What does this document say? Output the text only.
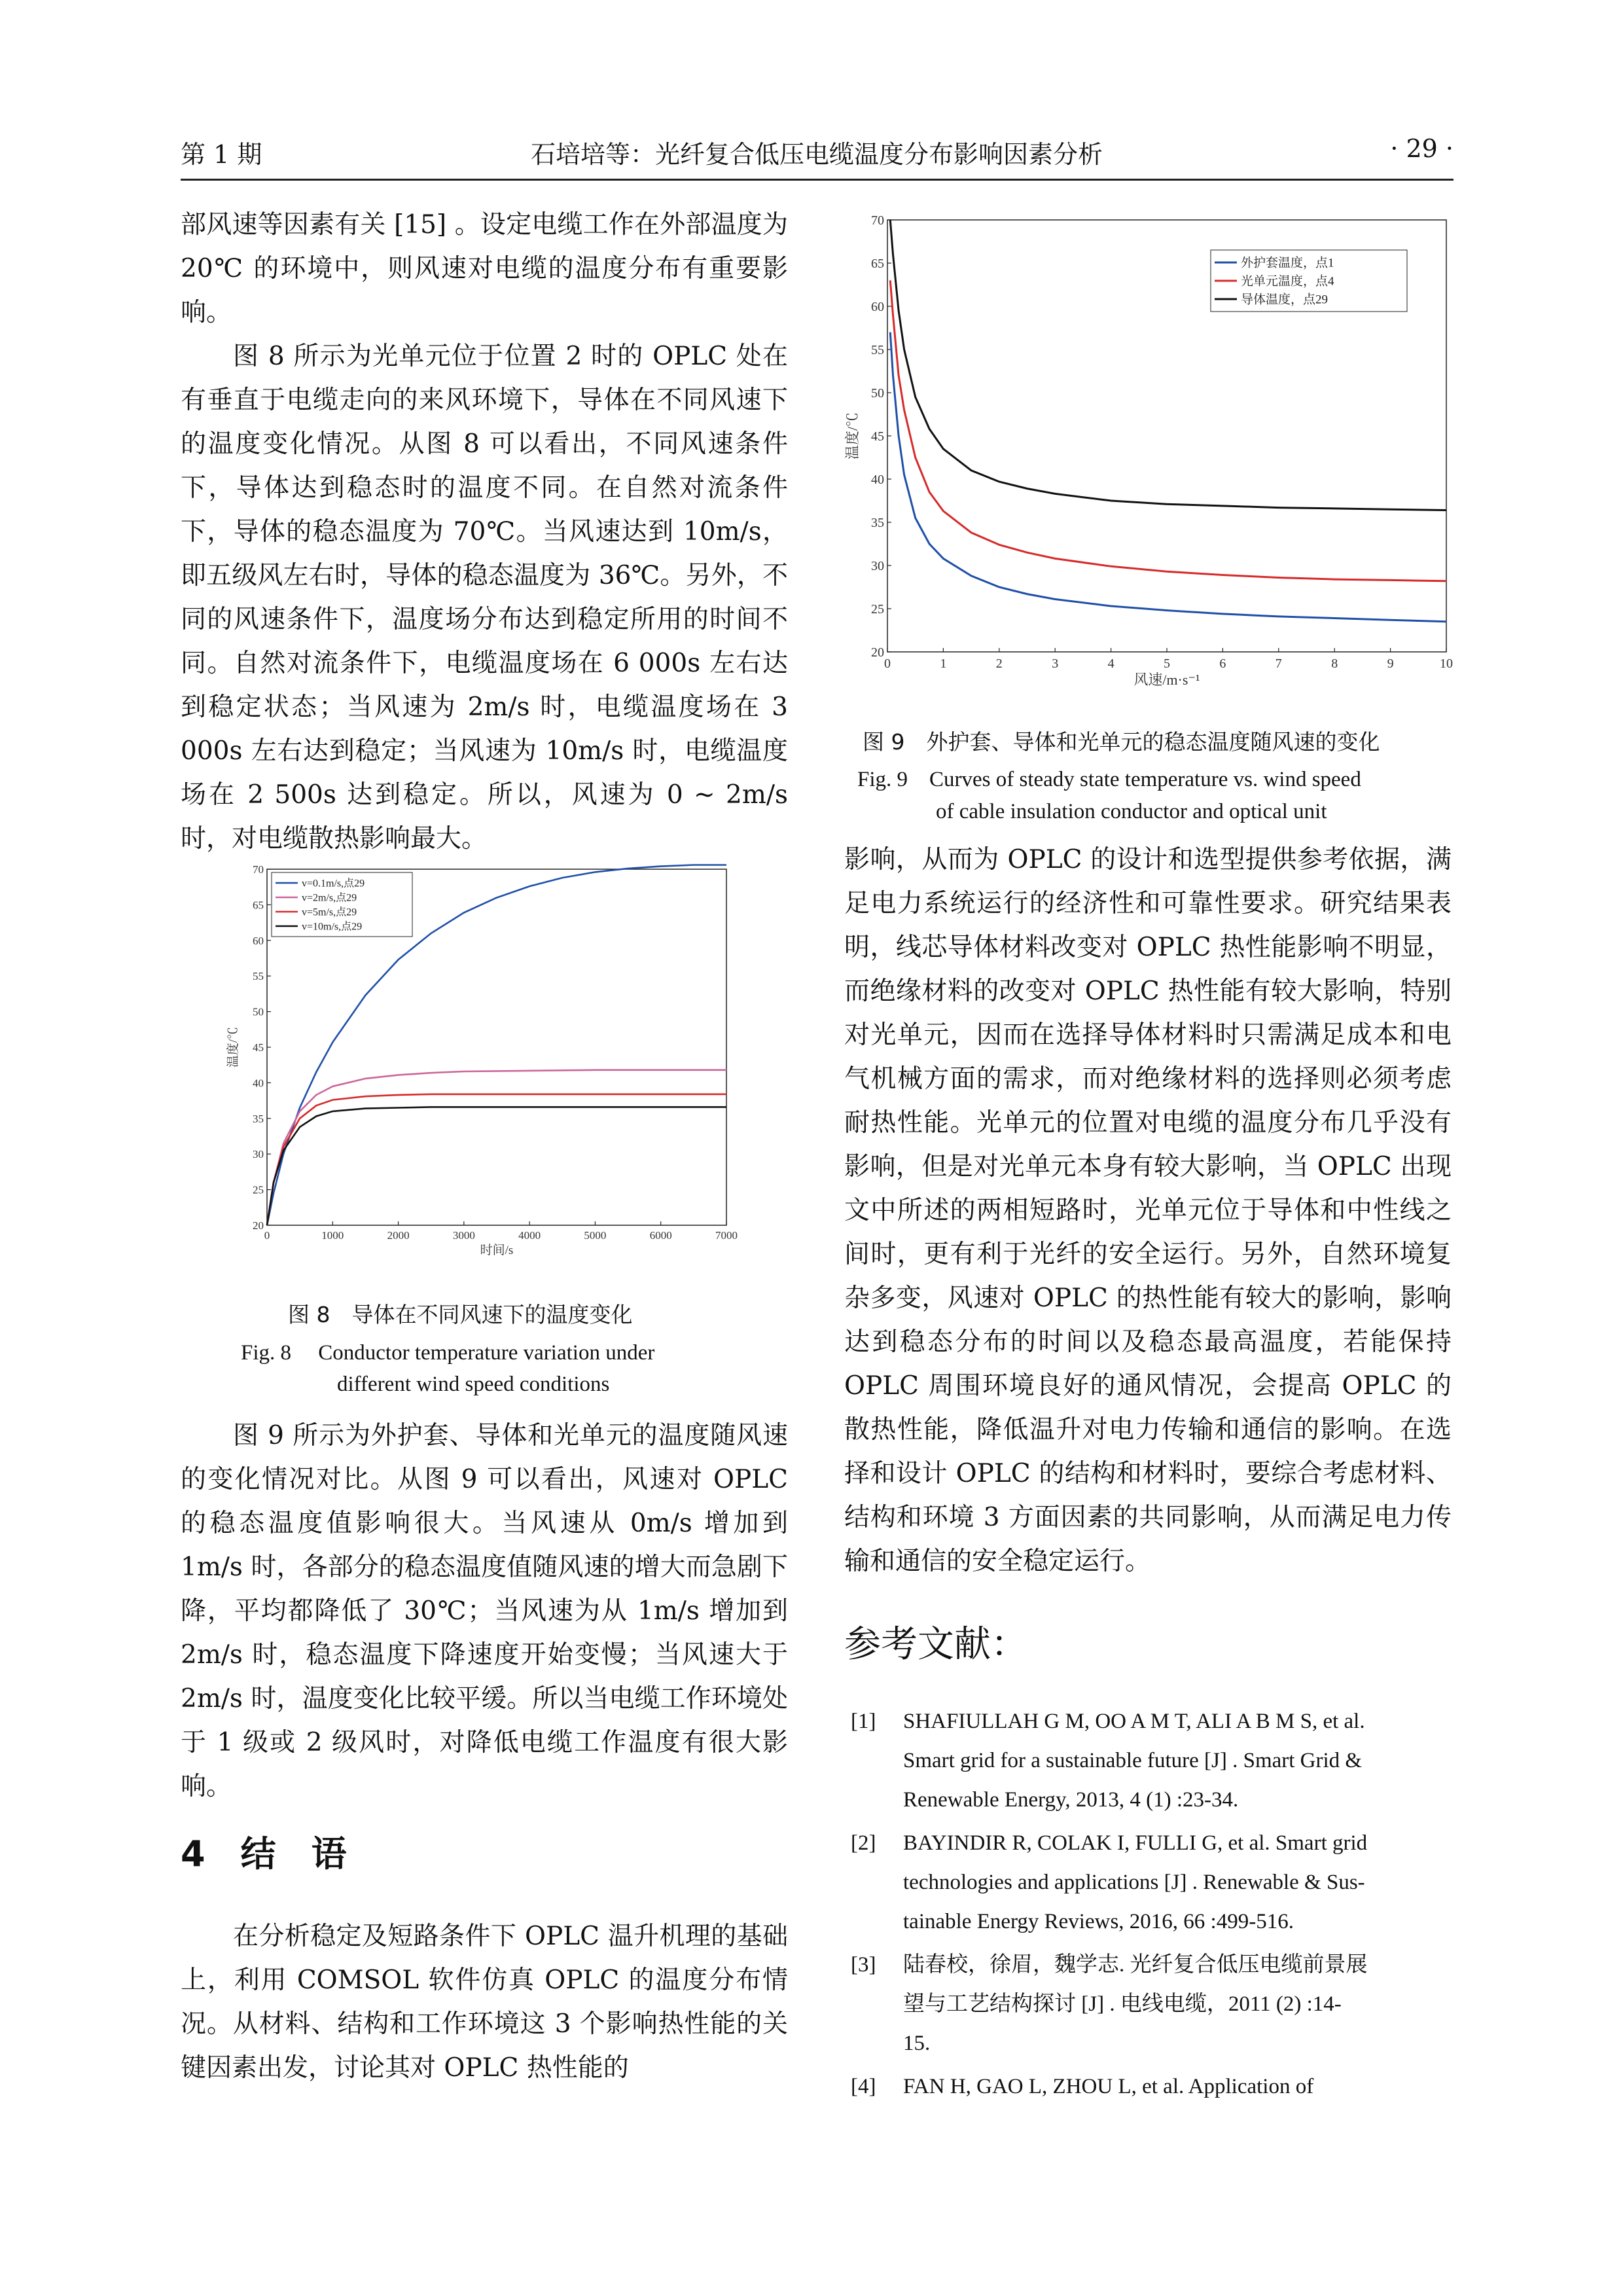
第 1 期	石培培等：光纤复合低压电缆温度分布影响因素分析	· 29 ·

部风速等因素有关 [15] 。设定电缆工作在外部温度为 20℃ 的环境中，则风速对电缆的温度分布有重要影响。

图 8 所示为光单元位于位置 2 时的 OPLC 处在有垂直于电缆走向的来风环境下，导体在不同风速下的温度变化情况。从图 8 可以看出，不同风速条件下，导体达到稳态时的温度不同。在自然对流条件下，导体的稳态温度为 70℃。当风速达到 10m/s，即五级风左右时，导体的稳态温度为 36℃。另外，不同的风速条件下，温度场分布达到稳定所用的时间不同。自然对流条件下，电缆温度场在 6 000s 左右达到稳定状态；当风速为 2m/s 时，电缆温度场在 3 000s 左右达到稳定；当风速为 10m/s 时，电缆温度场在 2 500s 达到稳定。所以，风速为 0 ~ 2m/s 时，对电缆散热影响最大。

0	1000	2000	3000	4000	5000	6000	7000
20
25
30
35
40
45
50
55
60
65
70
时间/s
温度/℃
v=0.1m/s,点29
v=2m/s,点29
v=5m/s,点29
v=10m/s,点29
图 8　导体在不同风速下的温度变化
Fig. 8　 Conductor temperature variation under
different wind speed conditions

图 9 所示为外护套、导体和光单元的温度随风速的变化情况对比。从图 9 可以看出，风速对 OPLC 的稳态温度值影响很大。当风速从 0m/s 增加到 1m/s 时，各部分的稳态温度值随风速的增大而急剧下降，平均都降低了 30℃；当风速为从 1m/s 增加到 2m/s 时，稳态温度下降速度开始变慢；当风速大于 2m/s 时，温度变化比较平缓。所以当电缆工作环境处于 1 级或 2 级风时，对降低电缆工作温度有很大影响。

4　结　语

在分析稳定及短路条件下 OPLC 温升机理的基础上，利用 COMSOL 软件仿真 OPLC 的温度分布情况。从材料、结构和工作环境这 3 个影响热性能的关键因素出发，讨论其对 OPLC 热性能的

0	1	2	3	4	5	6	7	8	9	10
20
25
30
35
40
45
50
55
60
65
70
风速/m·s⁻¹
温度/℃
外护套温度，点1
光单元温度，点4
导体温度，点29
图 9　外护套、导体和光单元的稳态温度随风速的变化
Fig. 9　Curves of steady state temperature vs. wind speed
of cable insulation conductor and optical unit

影响，从而为 OPLC 的设计和选型提供参考依据，满足电力系统运行的经济性和可靠性要求。研究结果表明，线芯导体材料改变对 OPLC 热性能影响不明显，而绝缘材料的改变对 OPLC 热性能有较大影响，特别对光单元，因而在选择导体材料时只需满足成本和电气机械方面的需求，而对绝缘材料的选择则必须考虑耐热性能。光单元的位置对电缆的温度分布几乎没有影响，但是对光单元本身有较大影响，当 OPLC 出现文中所述的两相短路时，光单元位于导体和中性线之间时，更有利于光纤的安全运行。另外，自然环境复杂多变，风速对 OPLC 的热性能有较大的影响，影响达到稳态分布的时间以及稳态最高温度，若能保持 OPLC 周围环境良好的通风情况，会提高 OPLC 的散热性能，降低温升对电力传输和通信的影响。在选择和设计 OPLC 的结构和材料时，要综合考虑材料、结构和环境 3 方面因素的共同影响，从而满足电力传输和通信的安全稳定运行。

参考文献：
[1] SHAFIULLAH G M, OO A M T, ALI A B M S, et al.
Smart grid for a sustainable future [J] . Smart Grid &
Renewable Energy, 2013, 4 (1) :23-34.
[2] BAYINDIR R, COLAK I, FULLI G, et al. Smart grid
technologies and applications [J] . Renewable & Sus-
tainable Energy Reviews, 2016, 66 :499-516.
[3] 陆春校，徐眉，魏学志. 光纤复合低压电缆前景展
望与工艺结构探讨 [J] . 电线电缆，2011 (2) :14-
15.
[4] FAN H, GAO L, ZHOU L, et al. Application of
